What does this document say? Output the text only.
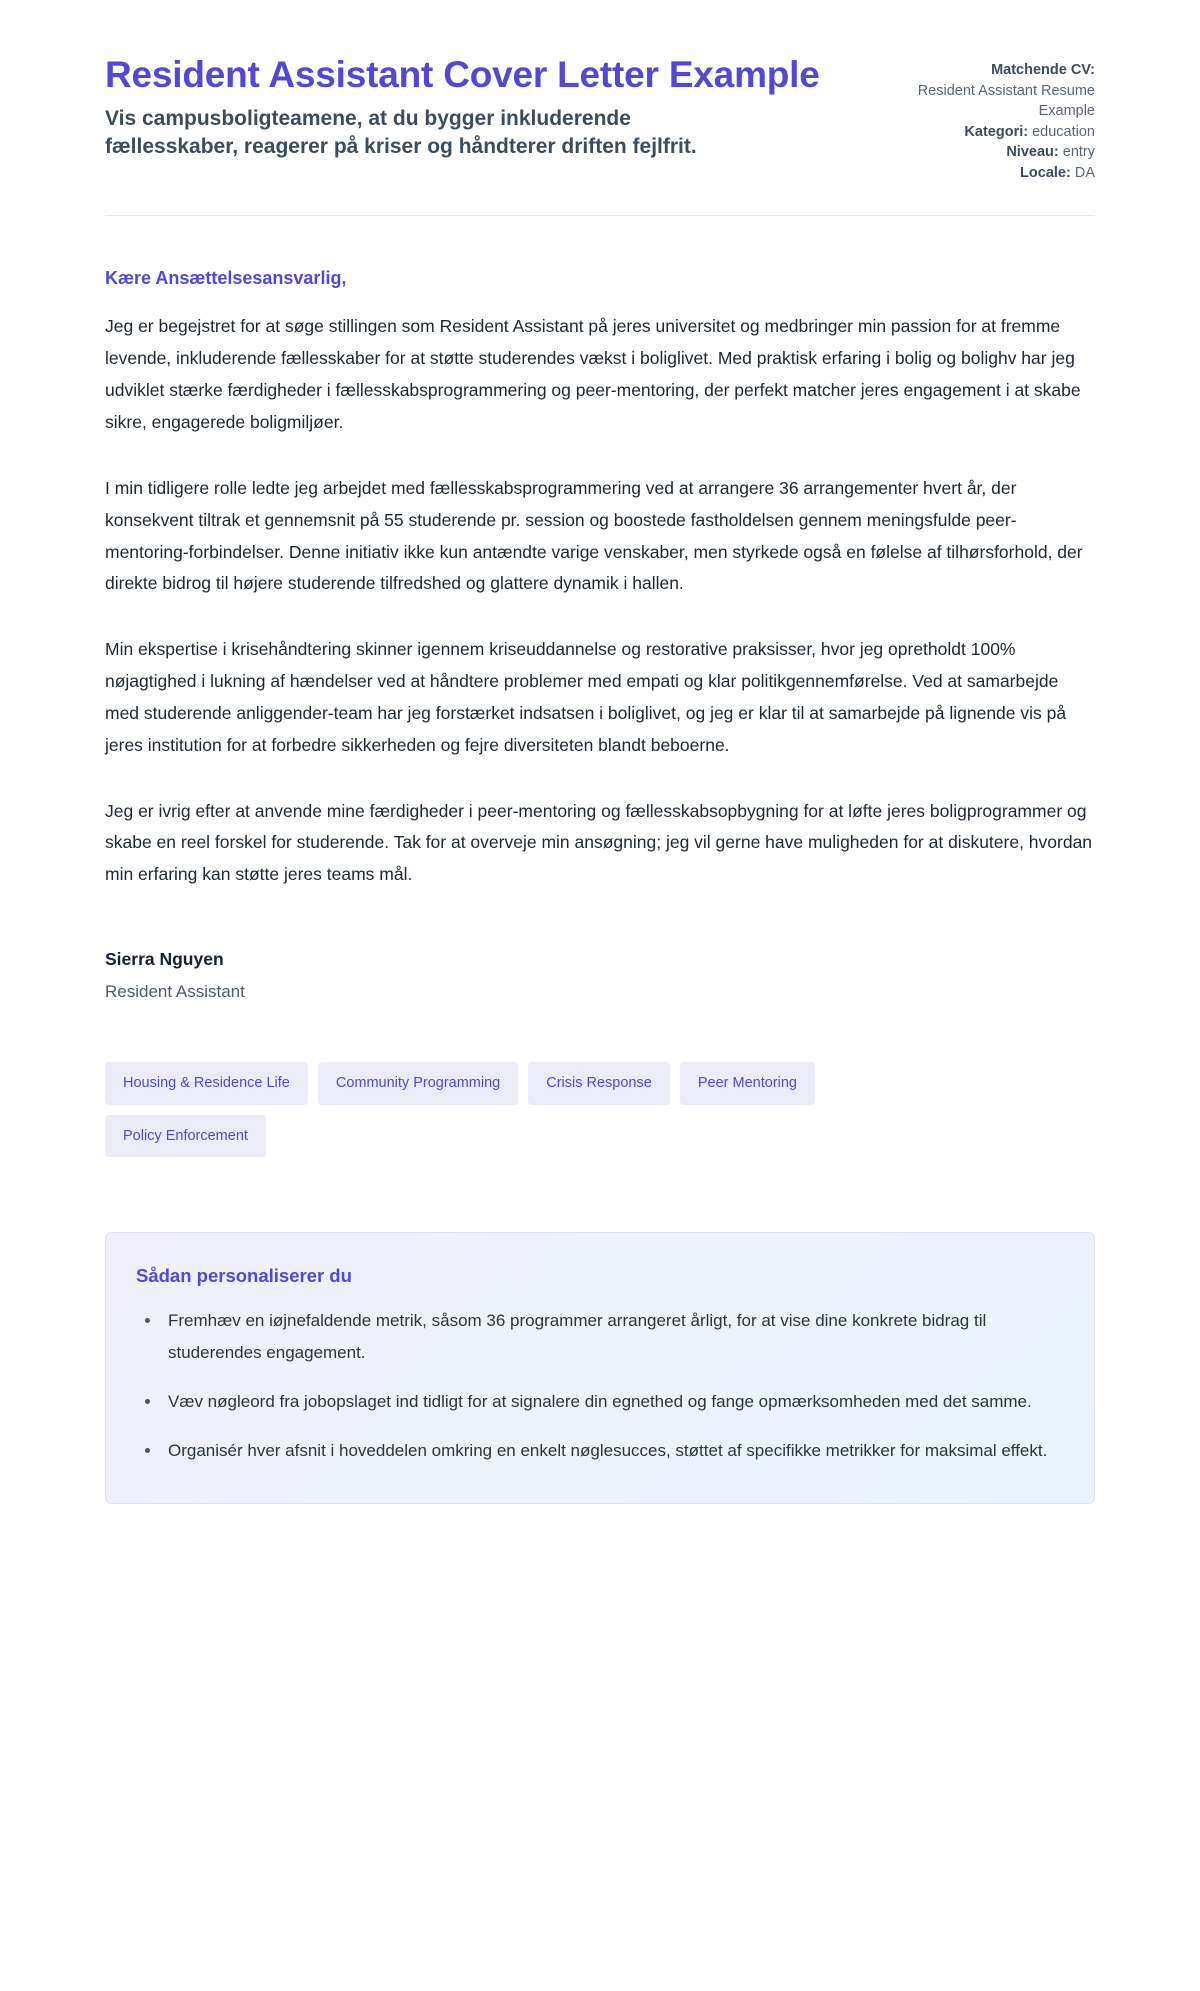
Resident Assistant Cover Letter Example

Vis campusboligteamene, at du bygger inkluderende fællesskaber, reagerer på kriser og håndterer driften fejlfrit.

Matchende CV:
Resident Assistant Resume Example
Kategori: education
Niveau: entry
Locale: DA

Kære Ansættelsesansvarlig,

Jeg er begejstret for at søge stillingen som Resident Assistant på jeres universitet og medbringer min passion for at fremme levende, inkluderende fællesskaber for at støtte studerendes vækst i boliglivet. Med praktisk erfaring i bolig og bolighv har jeg udviklet stærke færdigheder i fællesskabsprogrammering og peer-mentoring, der perfekt matcher jeres engagement i at skabe sikre, engagerede boligmiljøer.

I min tidligere rolle ledte jeg arbejdet med fællesskabsprogrammering ved at arrangere 36 arrangementer hvert år, der konsekvent tiltrak et gennemsnit på 55 studerende pr. session og boostede fastholdelsen gennem meningsfulde peer-mentoring-forbindelser. Denne initiativ ikke kun antændte varige venskaber, men styrkede også en følelse af tilhørsforhold, der direkte bidrog til højere studerende tilfredshed og glattere dynamik i hallen.

Min ekspertise i krisehåndtering skinner igennem kriseuddannelse og restorative praksisser, hvor jeg opretholdt 100% nøjagtighed i lukning af hændelser ved at håndtere problemer med empati og klar politikgennemførelse. Ved at samarbejde med studerende anliggender-team har jeg forstærket indsatsen i boliglivet, og jeg er klar til at samarbejde på lignende vis på jeres institution for at forbedre sikkerheden og fejre diversiteten blandt beboerne.

Jeg er ivrig efter at anvende mine færdigheder i peer-mentoring og fællesskabsopbygning for at løfte jeres boligprogrammer og skabe en reel forskel for studerende. Tak for at overveje min ansøgning; jeg vil gerne have muligheden for at diskutere, hvordan min erfaring kan støtte jeres teams mål.

Sierra Nguyen

Resident Assistant

Housing & Residence Life	Community Programming	Crisis Response	Peer Mentoring
Policy Enforcement
Sådan personaliserer du
• Fremhæv en iøjnefaldende metrik, såsom 36 programmer arrangeret årligt, for at vise dine konkrete bidrag til studerendes engagement.
• Væv nøgleord fra jobopslaget ind tidligt for at signalere din egnethed og fange opmærksomheden med det samme.
• Organisér hver afsnit i hoveddelen omkring en enkelt nøglesucces, støttet af specifikke metrikker for maksimal effekt.
